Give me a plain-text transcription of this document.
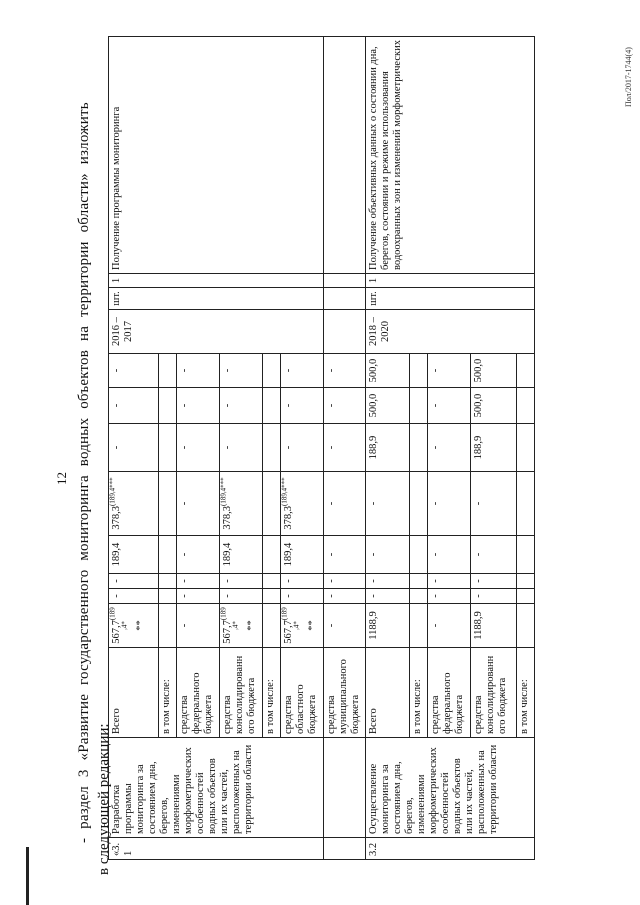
12 - раздел 3 «Развитие государственного мониторинга водных объектов на территории области» изложить в следующей редакции: «3.1	Разработка программы мониторинга за состоянием дна, берегов, изменениями морфометрических особенностей водных объектов или их частей, расположенных на территории области	Всего	$567,7^{(189,4*}$ **	-	-	189,4	$378,3^{(189,4***}$	-	-	-	2016 – 2017	шт.	1	Получение программы мониторинга
		в том числе:												
		средства федерального бюджета	-	-	-	-	-	-	-	-				
		средства консолидированного бюджета	$567,7^{(189,4*}$ **	-	-	189,4	$378,3^{(189,4***}$	-	-	-				
		в том числе:												
		средства областного бюджета	$567,7^{(189,4*}$ **	-	-	189,4	$378,3^{(189,4***}$	-	-	-				
		средства муниципального бюджета	-	-	-	-	-	-	-	-				
3.2	Осуществление мониторинга за состоянием дна, берегов, изменениями морфометрических особенностей водных объектов или их частей, расположенных на территории области	Всего	1188,9	-	-	-	-	188,9	500,0	500,0	2018 – 2020	шт.	1	Получение объективных данных о состоянии дна, берегов, состоянии и режиме использования водоохранных зон и изменений морфометрических
		в том числе:												
		средства федерального бюджета	-	-	-	-	-	-	-	-				
		средства консолидированного бюджета	1188,9	-	-	-	-	188,9	500,0	500,0				
		в том числе:												
Пол/2017-1744(4)
